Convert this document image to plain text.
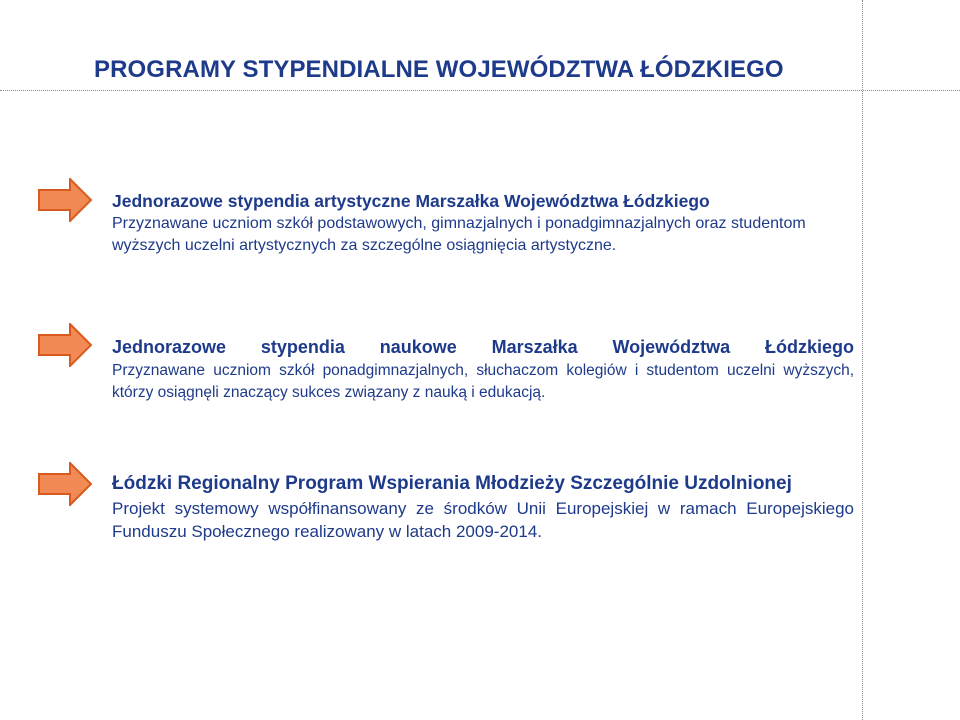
PROGRAMY STYPENDIALNE WOJEWÓDZTWA ŁÓDZKIEGO
Jednorazowe stypendia artystyczne Marszałka Województwa Łódzkiego
Przyznawane uczniom szkół podstawowych, gimnazjalnych i ponadgimnazjalnych oraz studentom wyższych uczelni artystycznych za szczególne osiągnięcia artystyczne.
Jednorazowe stypendia naukowe Marszałka Województwa Łódzkiego
Przyznawane uczniom szkół ponadgimnazjalnych, słuchaczom kolegiów i studentom uczelni wyższych, którzy osiągnęli znaczący sukces związany z nauką i edukacją.
Łódzki Regionalny Program Wspierania Młodzieży Szczególnie Uzdolnionej
Projekt systemowy współfinansowany ze środków Unii Europejskiej w ramach Europejskiego Funduszu Społecznego realizowany w latach 2009-2014.
